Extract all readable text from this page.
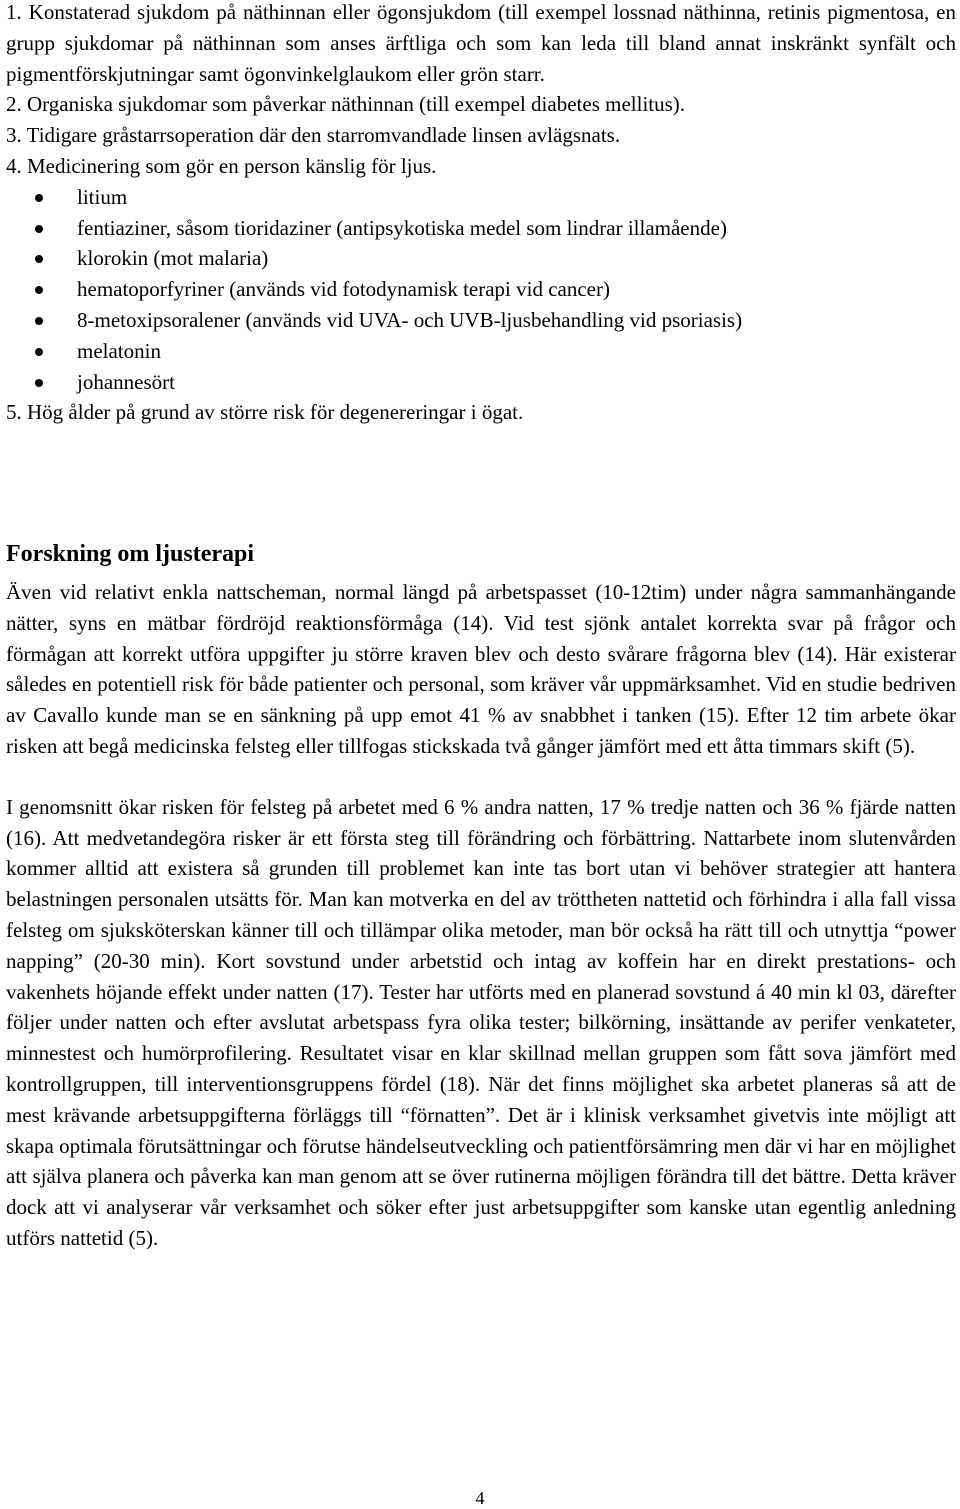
1. Konstaterad sjukdom på näthinnan eller ögonsjukdom (till exempel lossnad näthinna, retinis pigmentosa, en grupp sjukdomar på näthinnan som anses ärftliga och som kan leda till bland annat inskränkt synfält och pigmentförskjutningar samt ögonvinkelglaukom eller grön starr.

2. Organiska sjukdomar som påverkar näthinnan (till exempel diabetes mellitus).

3. Tidigare gråstarrsoperation där den starromvandlade linsen avlägsnats.

4. Medicinering som gör en person känslig för ljus.

litium
fentiaziner, såsom tioridaziner (antipsykotiska medel som lindrar illamående)
klorokin (mot malaria)
hematoporfyriner (används vid fotodynamisk terapi vid cancer)
8-metoxipsoralener (används vid UVA- och UVB-ljusbehandling vid psoriasis)
melatonin
johannesört

5. Hög ålder på grund av större risk för degenereringar i ögat.

Forskning om ljusterapi

Även vid relativt enkla nattscheman, normal längd på arbetspasset (10-12tim) under några sammanhängande nätter, syns en mätbar fördröjd reaktionsförmåga (14). Vid test sjönk antalet korrekta svar på frågor och förmågan att korrekt utföra uppgifter ju större kraven blev och desto svårare frågorna blev (14). Här existerar således en potentiell risk för både patienter och personal, som kräver vår uppmärksamhet. Vid en studie bedriven av Cavallo kunde man se en sänkning på upp emot 41 % av snabbhet i tanken (15). Efter 12 tim arbete ökar risken att begå medicinska felsteg eller tillfogas stickskada två gånger jämfört med ett åtta timmars skift (5).

I genomsnitt ökar risken för felsteg på arbetet med 6 % andra natten, 17 % tredje natten och 36 % fjärde natten (16). Att medvetandegöra risker är ett första steg till förändring och förbättring. Nattarbete inom slutenvården kommer alltid att existera så grunden till problemet kan inte tas bort utan vi behöver strategier att hantera belastningen personalen utsätts för. Man kan motverka en del av tröttheten nattetid och förhindra i alla fall vissa felsteg om sjuksköterskan känner till och tillämpar olika metoder, man bör också ha rätt till och utnyttja “power napping” (20-30 min). Kort sovstund under arbetstid och intag av koffein har en direkt prestations- och vakenhets höjande effekt under natten (17). Tester har utförts med en planerad sovstund á 40 min kl 03, därefter följer under natten och efter avslutat arbetspass fyra olika tester; bilkörning, insättande av perifer venkateter, minnestest och humörprofilering. Resultatet visar en klar skillnad mellan gruppen som fått sova jämfört med kontrollgruppen, till interventionsgruppens fördel (18). När det finns möjlighet ska arbetet planeras så att de mest krävande arbetsuppgifterna förläggs till “förnatten”. Det är i klinisk verksamhet givetvis inte möjligt att skapa optimala förutsättningar och förutse händelseutveckling och patientförsämring men där vi har en möjlighet att själva planera och påverka kan man genom att se över rutinerna möjligen förändra till det bättre. Detta kräver dock att vi analyserar vår verksamhet och söker efter just arbetsuppgifter som kanske utan egentlig anledning utförs nattetid (5).

4
